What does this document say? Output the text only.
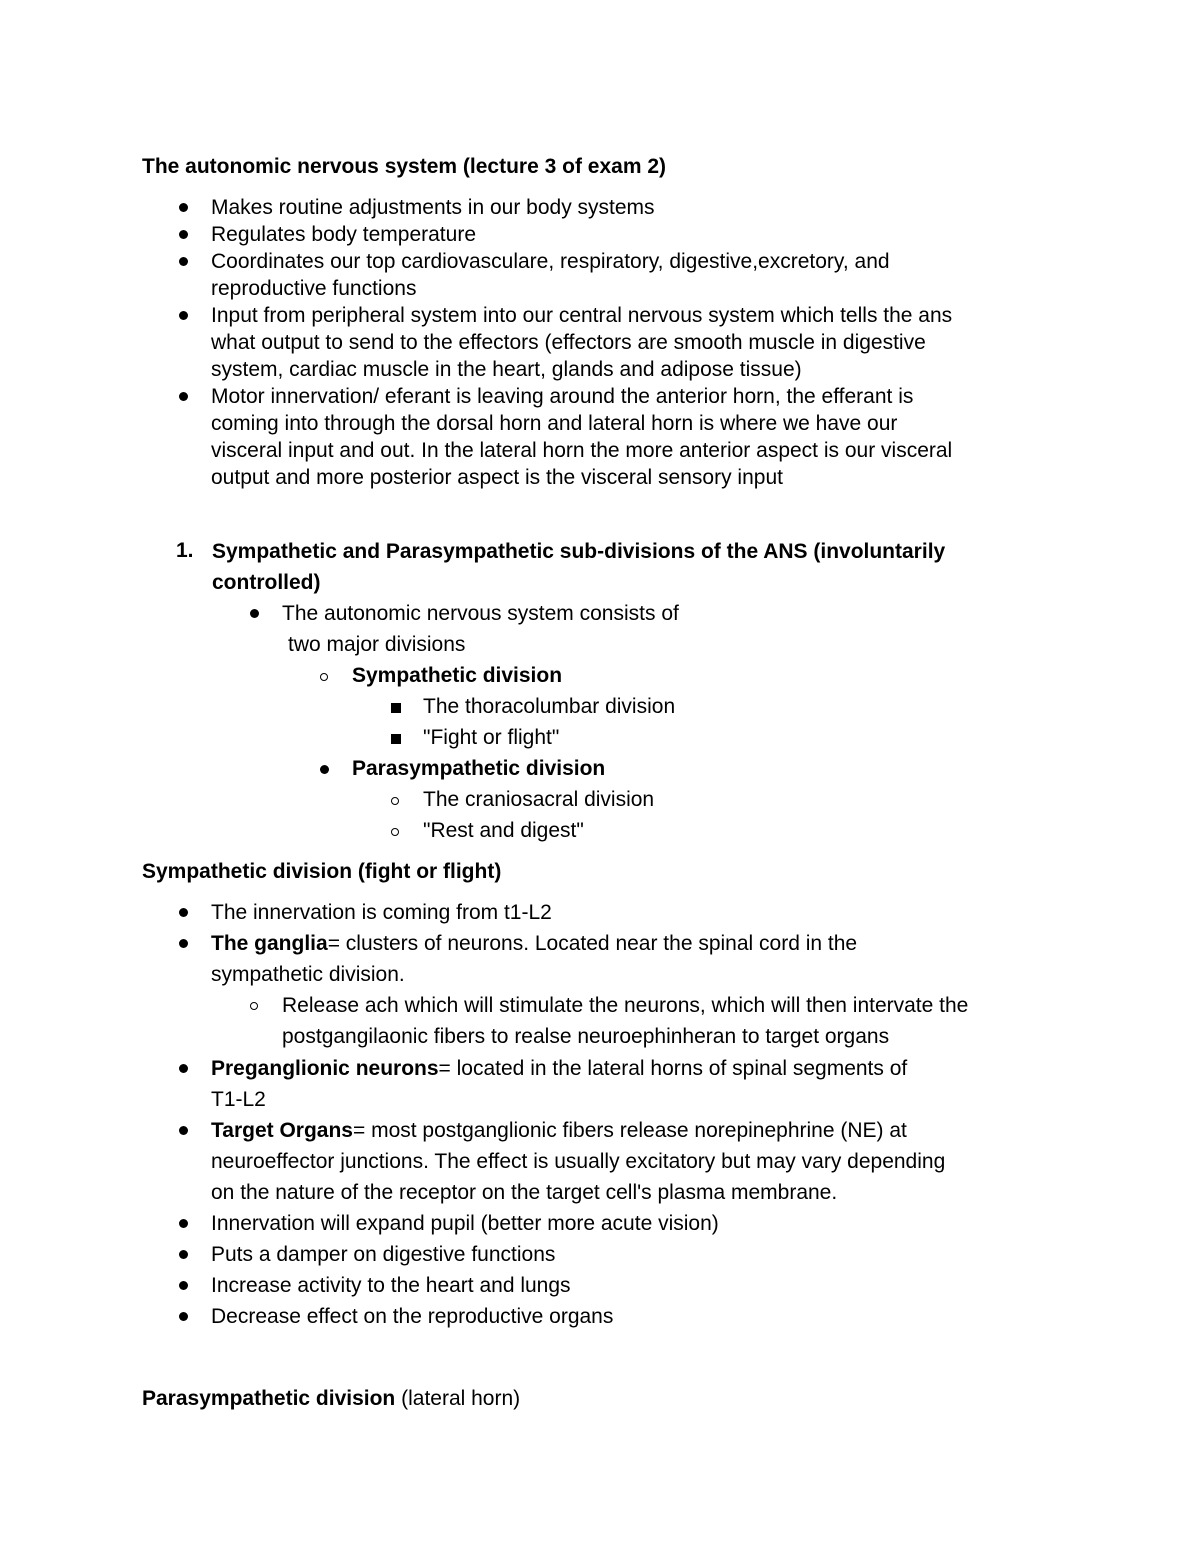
The autonomic nervous system (lecture 3 of exam 2)
Makes routine adjustments in our body systems
Regulates body temperature
Coordinates our top cardiovasculare, respiratory, digestive,excretory, and
reproductive functions
Input from peripheral system into our central nervous system which tells the ans
what output to send to the effectors (effectors are smooth muscle in digestive
system, cardiac muscle in the heart, glands and adipose tissue)
Motor innervation/ eferant is leaving around the anterior horn, the efferant is
coming into through the dorsal horn and lateral horn is where we have our
visceral input and out. In the lateral horn the more anterior aspect is our visceral
output and more posterior aspect is the visceral sensory input
1. Sympathetic and Parasympathetic sub-divisions of the ANS (involuntarily
controlled)
The autonomic nervous system consists of
two major divisions
Sympathetic division
The thoracolumbar division
"Fight or flight"
Parasympathetic division
The craniosacral division
"Rest and digest"
Sympathetic division (fight or flight)
The innervation is coming from t1-L2
The ganglia= clusters of neurons. Located near the spinal cord in the
sympathetic division.
Release ach which will stimulate the neurons, which will then intervate the
postgangilaonic fibers to realse neuroephinheran to target organs
Preganglionic neurons= located in the lateral horns of spinal segments of
T1-L2
Target Organs= most postganglionic fibers release norepinephrine (NE) at
neuroeffector junctions. The effect is usually excitatory but may vary depending
on the nature of the receptor on the target cell's plasma membrane.
Innervation will expand pupil (better more acute vision)
Puts a damper on digestive functions
Increase activity to the heart and lungs
Decrease effect on the reproductive organs
Parasympathetic division (lateral horn)
